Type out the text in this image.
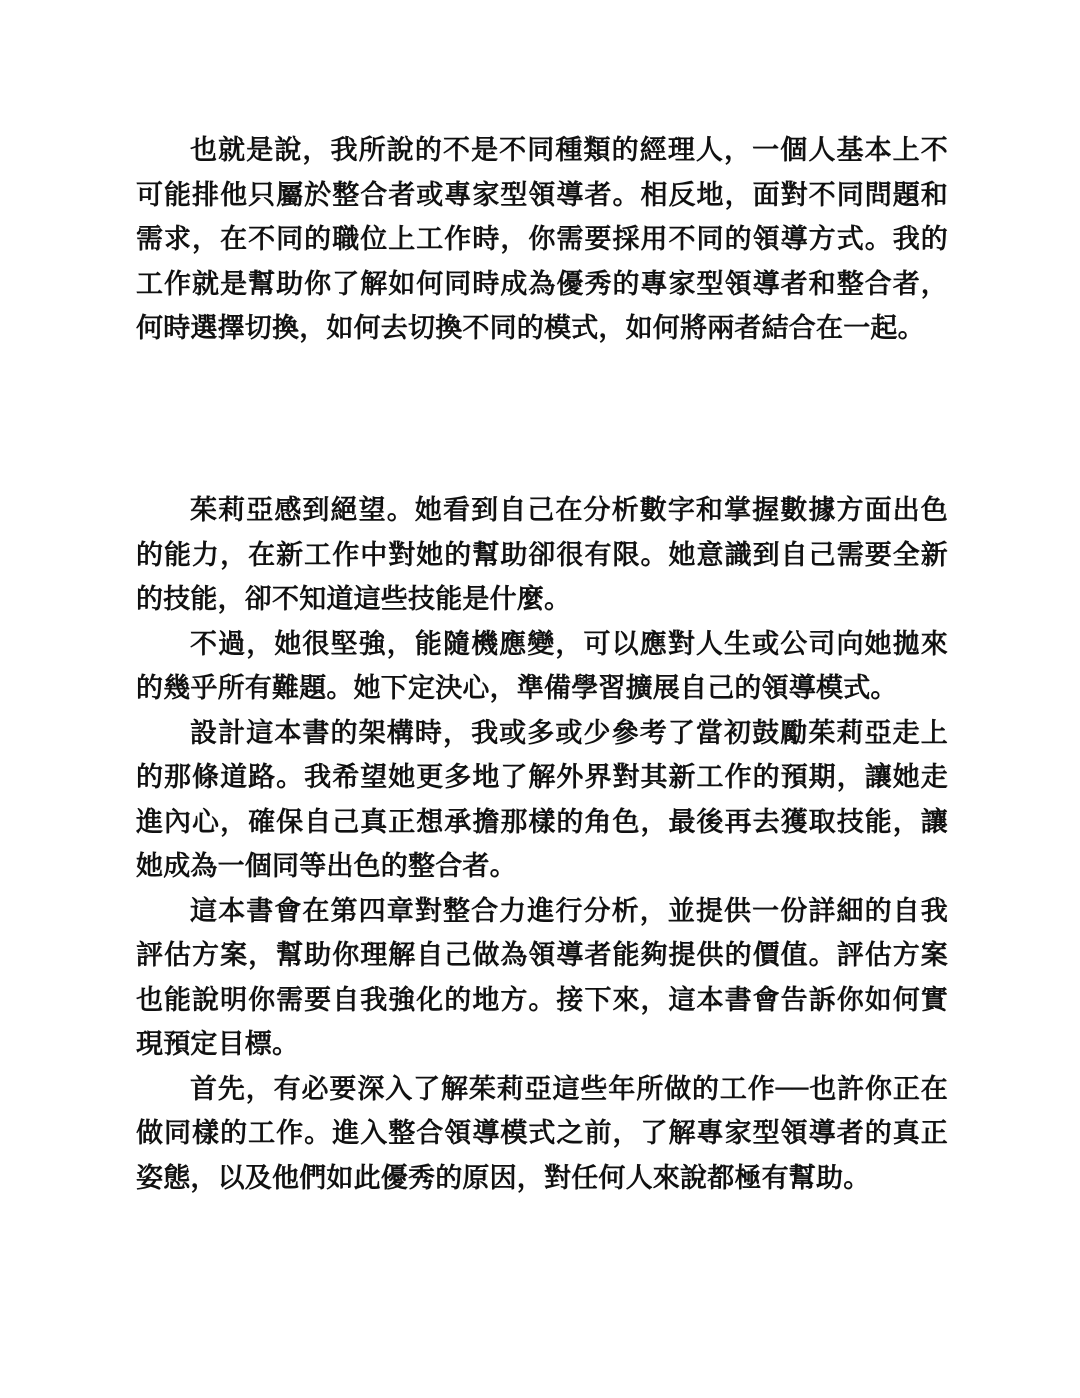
也就是說，我所說的不是不同種類的經理人，一個人基本上不可能排他只屬於整合者或專家型領導者。相反地，面對不同問題和需求，在不同的職位上工作時，你需要採用不同的領導方式。我的工作就是幫助你了解如何同時成為優秀的專家型領導者和整合者，何時選擇切換，如何去切換不同的模式，如何將兩者結合在一起。

茱莉亞感到絕望。她看到自己在分析數字和掌握數據方面出色的能力，在新工作中對她的幫助卻很有限。她意識到自己需要全新的技能，卻不知道這些技能是什麼。

不過，她很堅強，能隨機應變，可以應對人生或公司向她拋來的幾乎所有難題。她下定決心，準備學習擴展自己的領導模式。

設計這本書的架構時，我或多或少參考了當初鼓勵茱莉亞走上的那條道路。我希望她更多地了解外界對其新工作的預期，讓她走進內心，確保自己真正想承擔那樣的角色，最後再去獲取技能，讓她成為一個同等出色的整合者。

這本書會在第四章對整合力進行分析，並提供一份詳細的自我評估方案，幫助你理解自己做為領導者能夠提供的價值。評估方案也能說明你需要自我強化的地方。接下來，這本書會告訴你如何實現預定目標。

首先，有必要深入了解茱莉亞這些年所做的工作──也許你正在做同樣的工作。進入整合領導模式之前，了解專家型領導者的真正姿態，以及他們如此優秀的原因，對任何人來說都極有幫助。
